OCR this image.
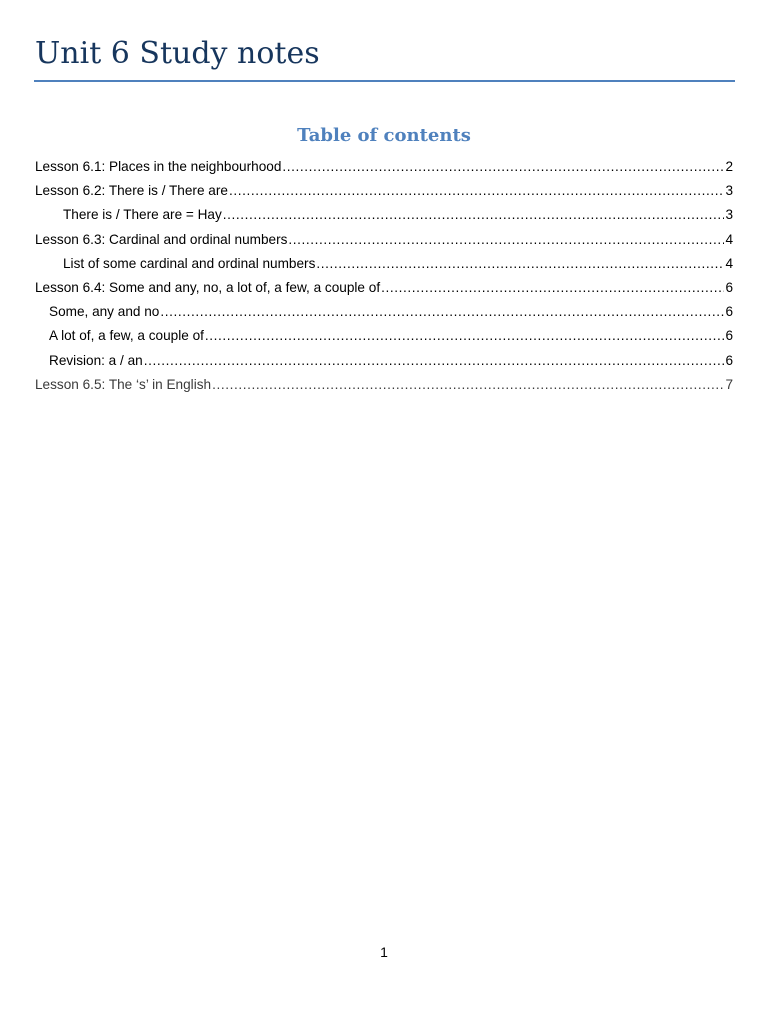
Unit 6 Study notes
Table of contents
Lesson 6.1: Places in the neighbourhood .....	2
Lesson 6.2: There is / There are .....	3
There is / There are = Hay .....	3
Lesson 6.3: Cardinal and ordinal numbers .....	4
List of some cardinal and ordinal numbers .....	4
Lesson 6.4: Some and any, no, a lot of, a few, a couple of .....	6
Some, any and no .....	6
A lot of, a few, a couple of .....	6
Revision: a / an .....	6
Lesson 6.5: The ‘s’ in English .....	7
1
